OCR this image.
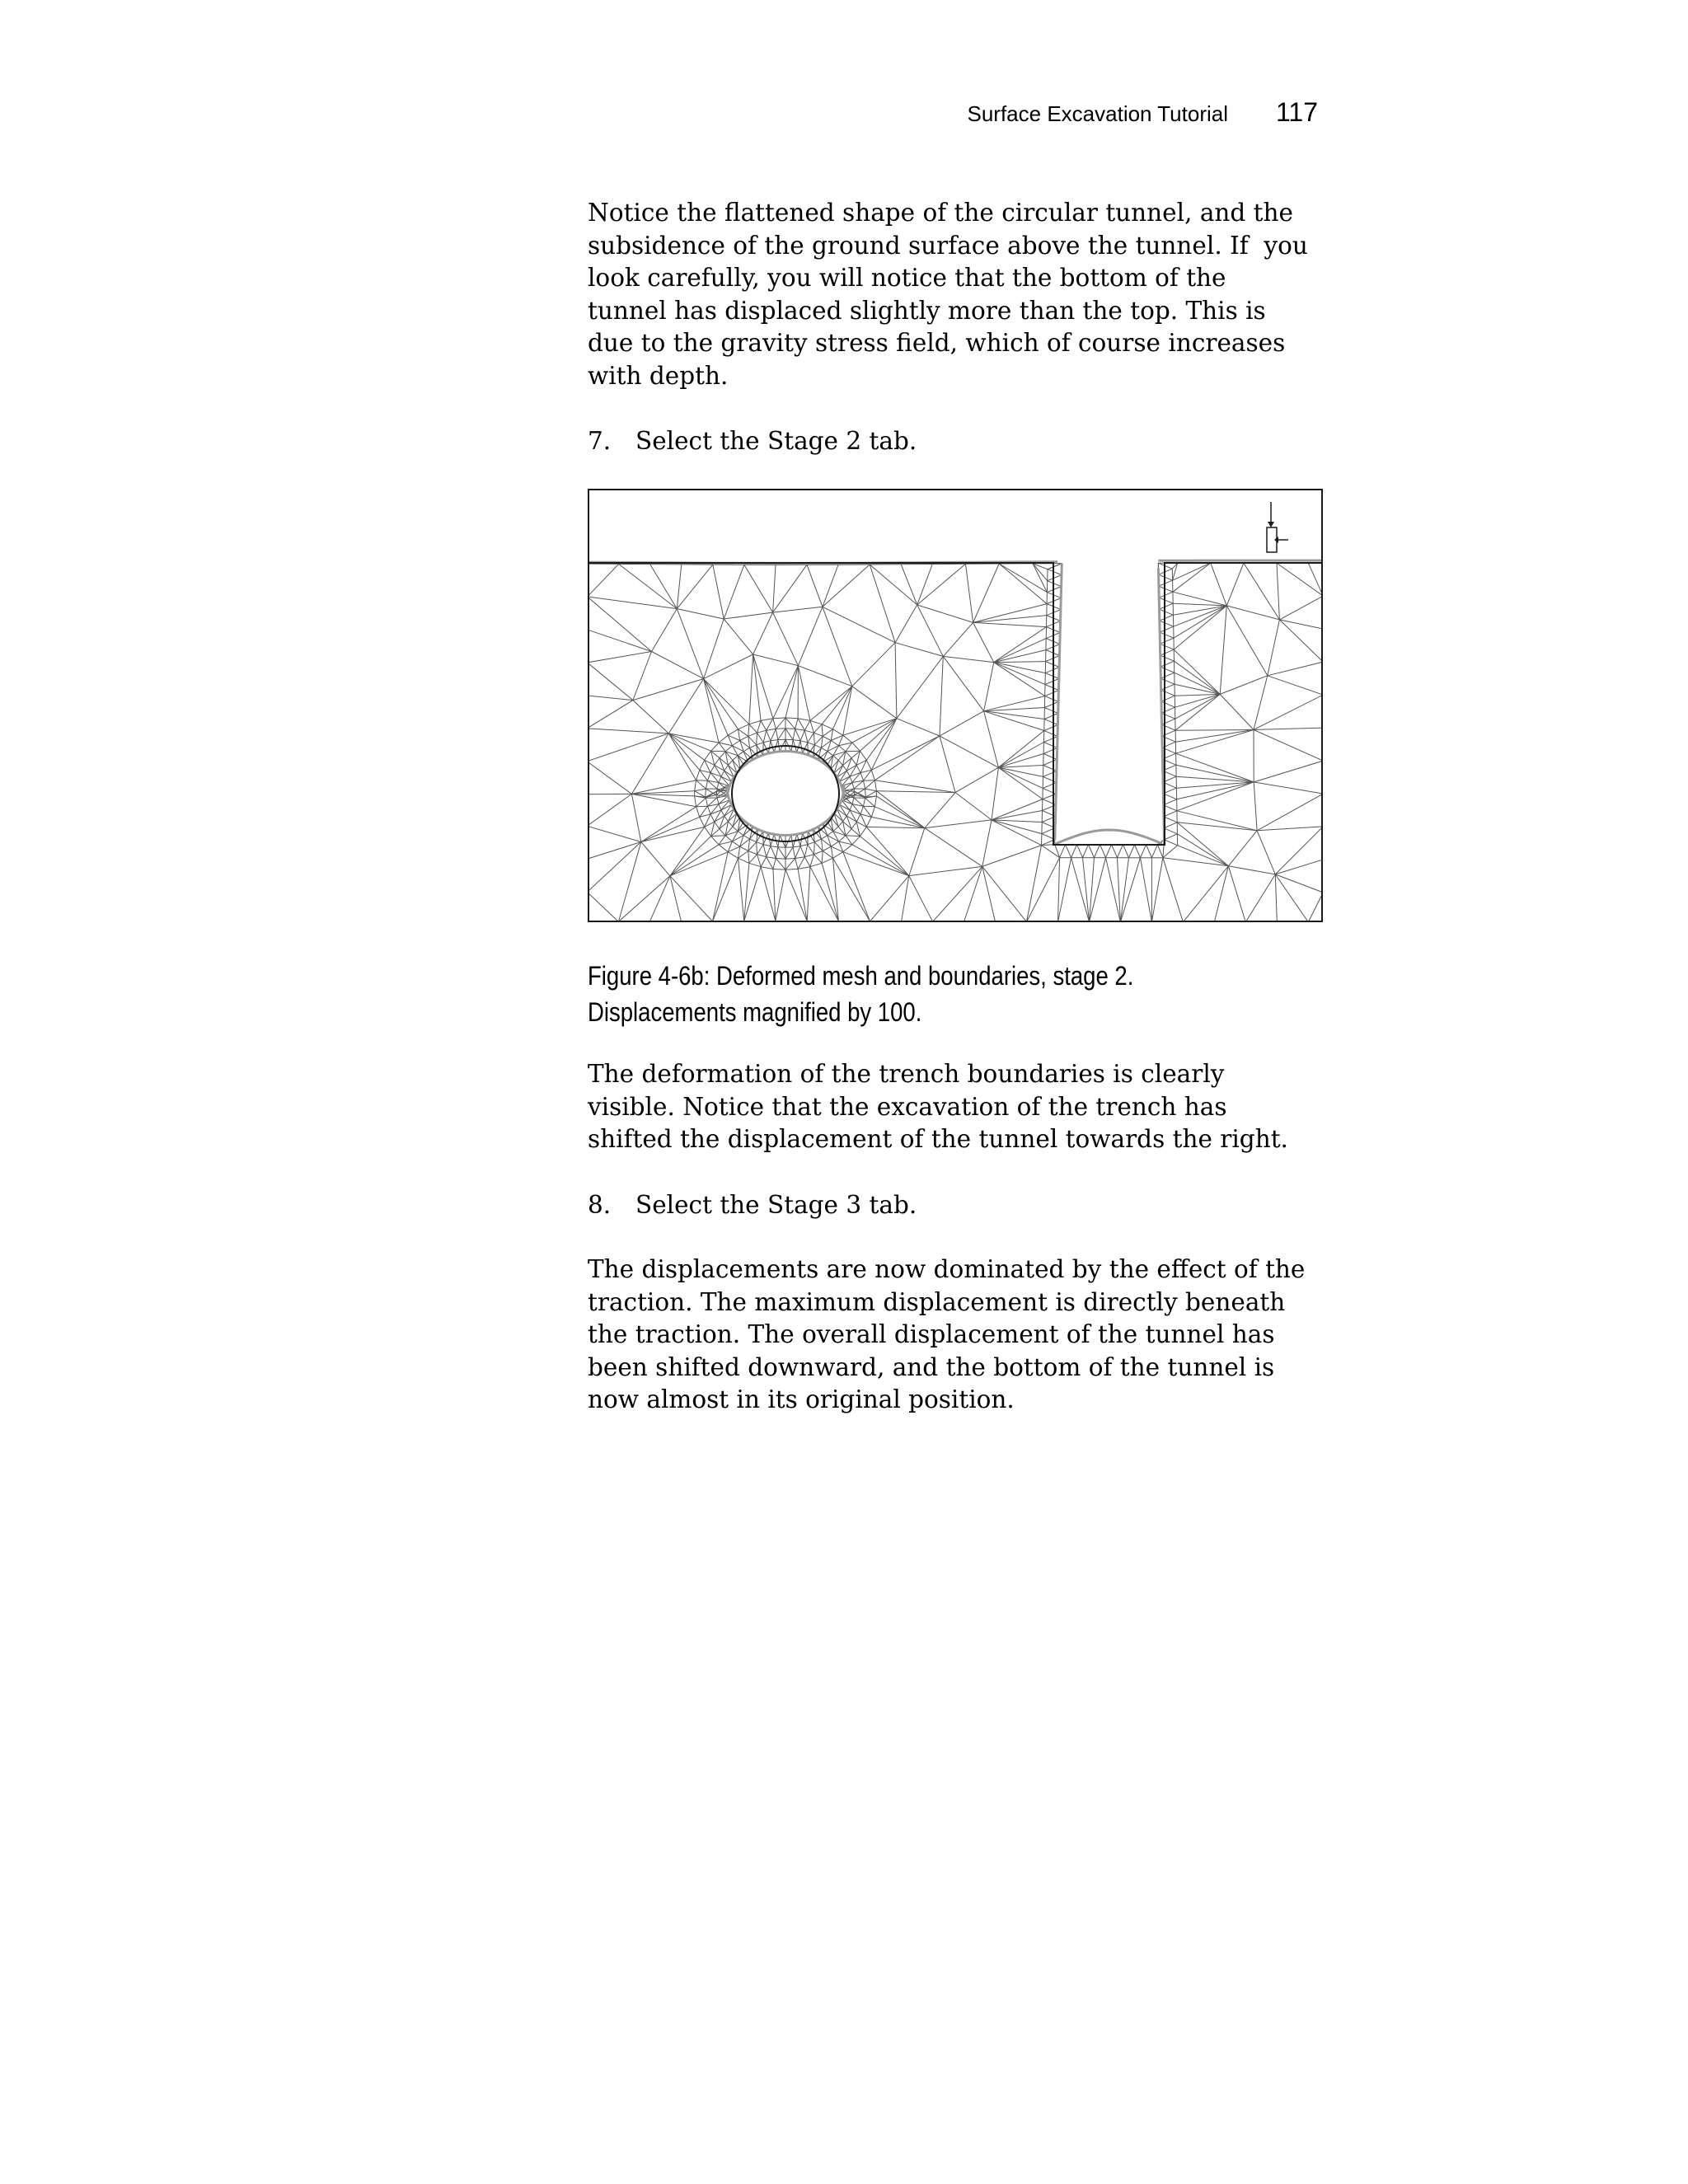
Surface Excavation Tutorial 117

Notice the flattened shape of the circular tunnel, and the
subsidence of the ground surface above the tunnel. If  you
look carefully, you will notice that the bottom of the
tunnel has displaced slightly more than the top. This is
due to the gravity stress field, which of course increases
with depth.

7. Select the Stage 2 tab.

Figure 4-6b: Deformed mesh and boundaries, stage 2.
Displacements magnified by 100.

The deformation of the trench boundaries is clearly
visible. Notice that the excavation of the trench has
shifted the displacement of the tunnel towards the right.

8. Select the Stage 3 tab.

The displacements are now dominated by the effect of the
traction. The maximum displacement is directly beneath
the traction. The overall displacement of the tunnel has
been shifted downward, and the bottom of the tunnel is
now almost in its original position.
